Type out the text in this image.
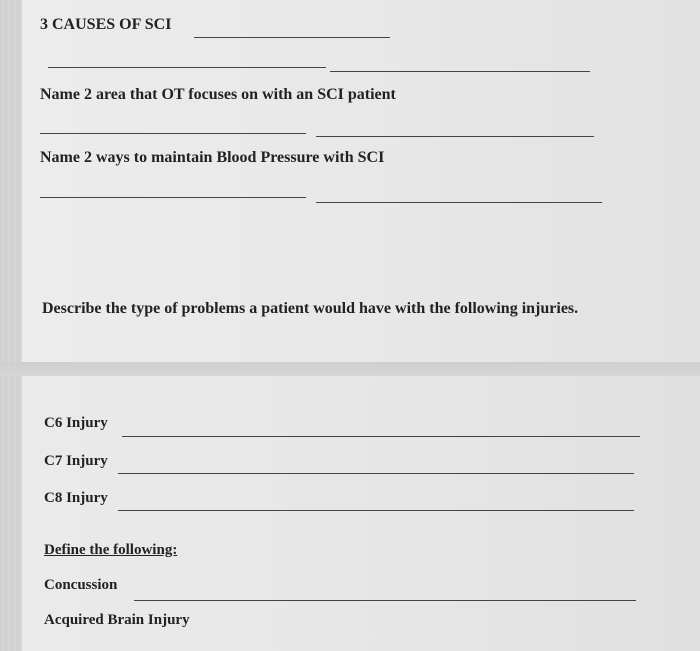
3 CAUSES OF SCI
Name 2 area that OT focuses on with an SCI patient
Name 2 ways to maintain Blood Pressure with SCI
Describe the type of problems a patient would have with the following injuries.
C6 Injury
C7 Injury
C8 Injury
Define the following:
Concussion
Acquired Brain Injury
